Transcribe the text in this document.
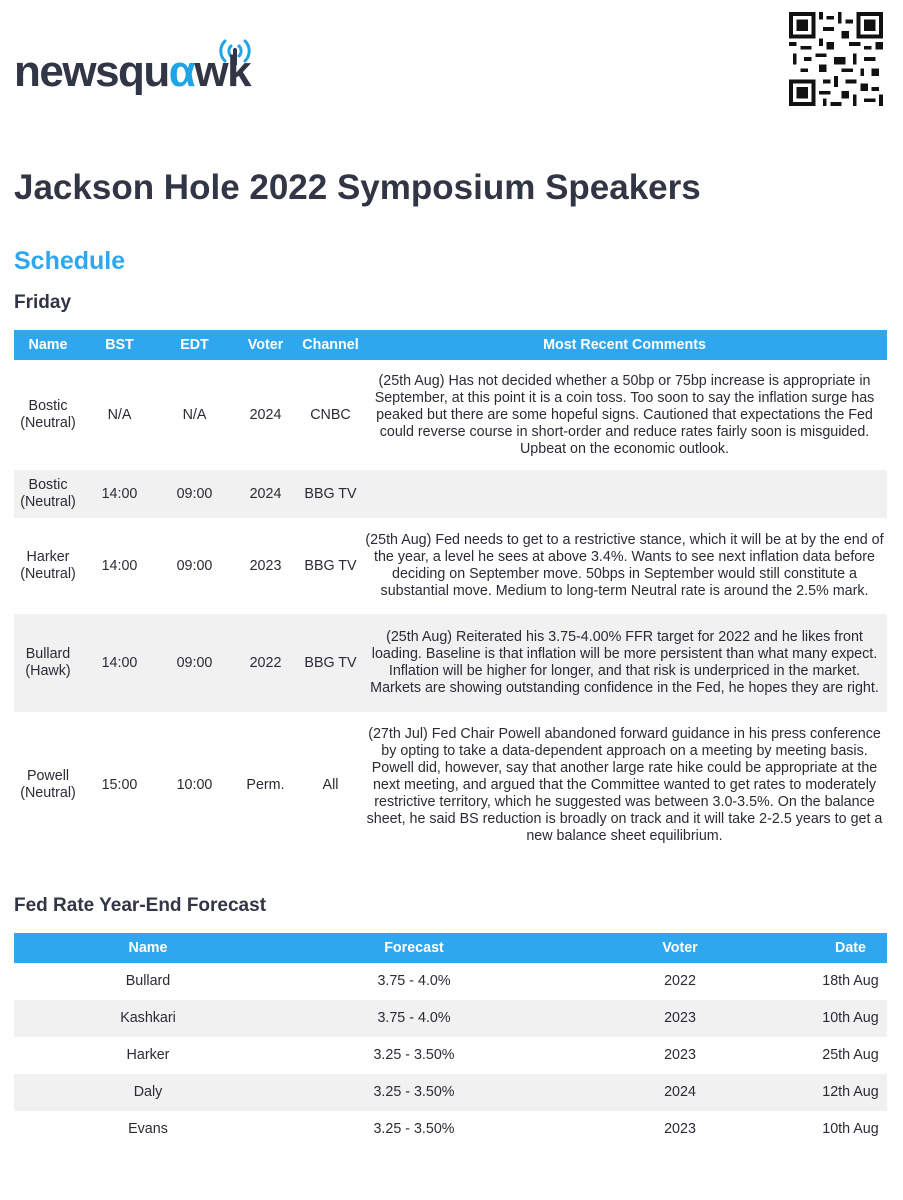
newsquαwk
Jackson Hole 2022 Symposium Speakers
Schedule
Friday
Name	BST	EDT	Voter	Channel	Most Recent Comments
Bostic (Neutral)	N/A	N/A	2024	CNBC	(25th Aug) Has not decided whether a 50bp or 75bp increase is appropriate in September, at this point it is a coin toss. Too soon to say the inflation surge has peaked but there are some hopeful signs. Cautioned that expectations the Fed could reverse course in short-order and reduce rates fairly soon is misguided. Upbeat on the economic outlook.
Bostic (Neutral)	14:00	09:00	2024	BBG TV	
Harker (Neutral)	14:00	09:00	2023	BBG TV	(25th Aug) Fed needs to get to a restrictive stance, which it will be at by the end of the year, a level he sees at above 3.4%. Wants to see next inflation data before deciding on September move. 50bps in September would still constitute a substantial move. Medium to long-term Neutral rate is around the 2.5% mark.
Bullard (Hawk)	14:00	09:00	2022	BBG TV	(25th Aug) Reiterated his 3.75-4.00% FFR target for 2022 and he likes front loading. Baseline is that inflation will be more persistent than what many expect. Inflation will be higher for longer, and that risk is underpriced in the market. Markets are showing outstanding confidence in the Fed, he hopes they are right.
Powell (Neutral)	15:00	10:00	Perm.	All	(27th Jul) Fed Chair Powell abandoned forward guidance in his press conference by opting to take a data-dependent approach on a meeting by meeting basis. Powell did, however, say that another large rate hike could be appropriate at the next meeting, and argued that the Committee wanted to get rates to moderately restrictive territory, which he suggested was between 3.0-3.5%. On the balance sheet, he said BS reduction is broadly on track and it will take 2-2.5 years to get a new balance sheet equilibrium.
Fed Rate Year-End Forecast
Name	Forecast	Voter	Date
Bullard	3.75 - 4.0%	2022	18th Aug
Kashkari	3.75 - 4.0%	2023	10th Aug
Harker	3.25 - 3.50%	2023	25th Aug
Daly	3.25 - 3.50%	2024	12th Aug
Evans	3.25 - 3.50%	2023	10th Aug
